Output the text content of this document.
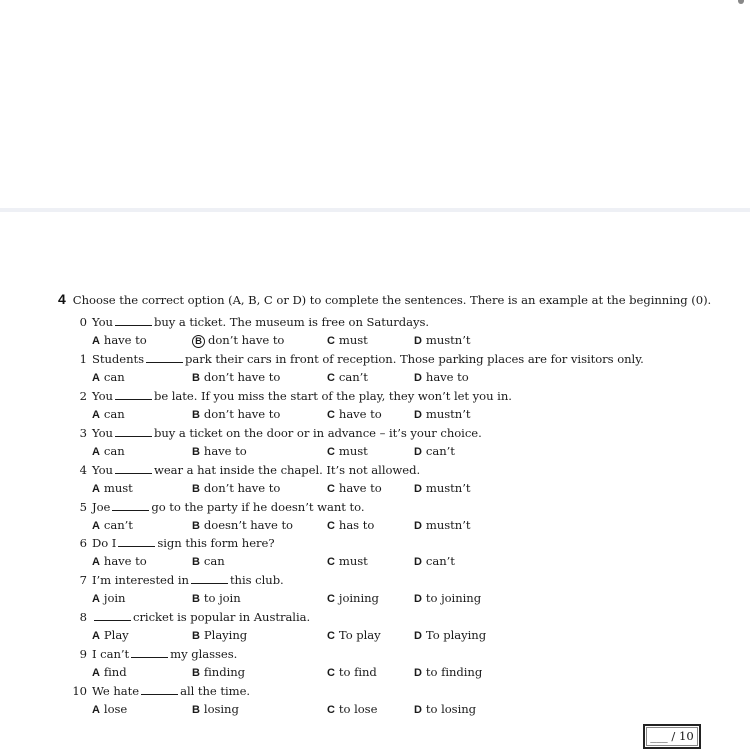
4 Choose the correct option (A, B, C or D) to complete the sentences. There is an example at the beginning (0).
0 You	buy a ticket. The museum is free on Saturdays.
A have to	B don’t have to	C must	D mustn’t
1 Students	park their cars in front of reception. Those parking places are for visitors only.
A can	B don’t have to	C can’t	D have to
2 You	be late. If you miss the start of the play, they won’t let you in.
A can	B don’t have to	C have to	D mustn’t
3 You	buy a ticket on the door or in advance – it’s your choice.
A can	B have to	C must	D can’t
4 You	wear a hat inside the chapel. It’s not allowed.
A must	B don’t have to	C have to	D mustn’t
5 Joe	go to the party if he doesn’t want to.
A can’t	B doesn’t have to	C has to	D mustn’t
6 Do I	sign this form here?
A have to	B can	C must	D can’t
7 I’m interested in	this club.
A join	B to join	C joining	D to joining
8	cricket is popular in Australia.
A Play	B Playing	C To play	D To playing
9 I can’t	my glasses.
A find	B finding	C to find	D to finding
10 We hate	all the time.
A lose	B losing	C to lose	D to losing
___ / 10
